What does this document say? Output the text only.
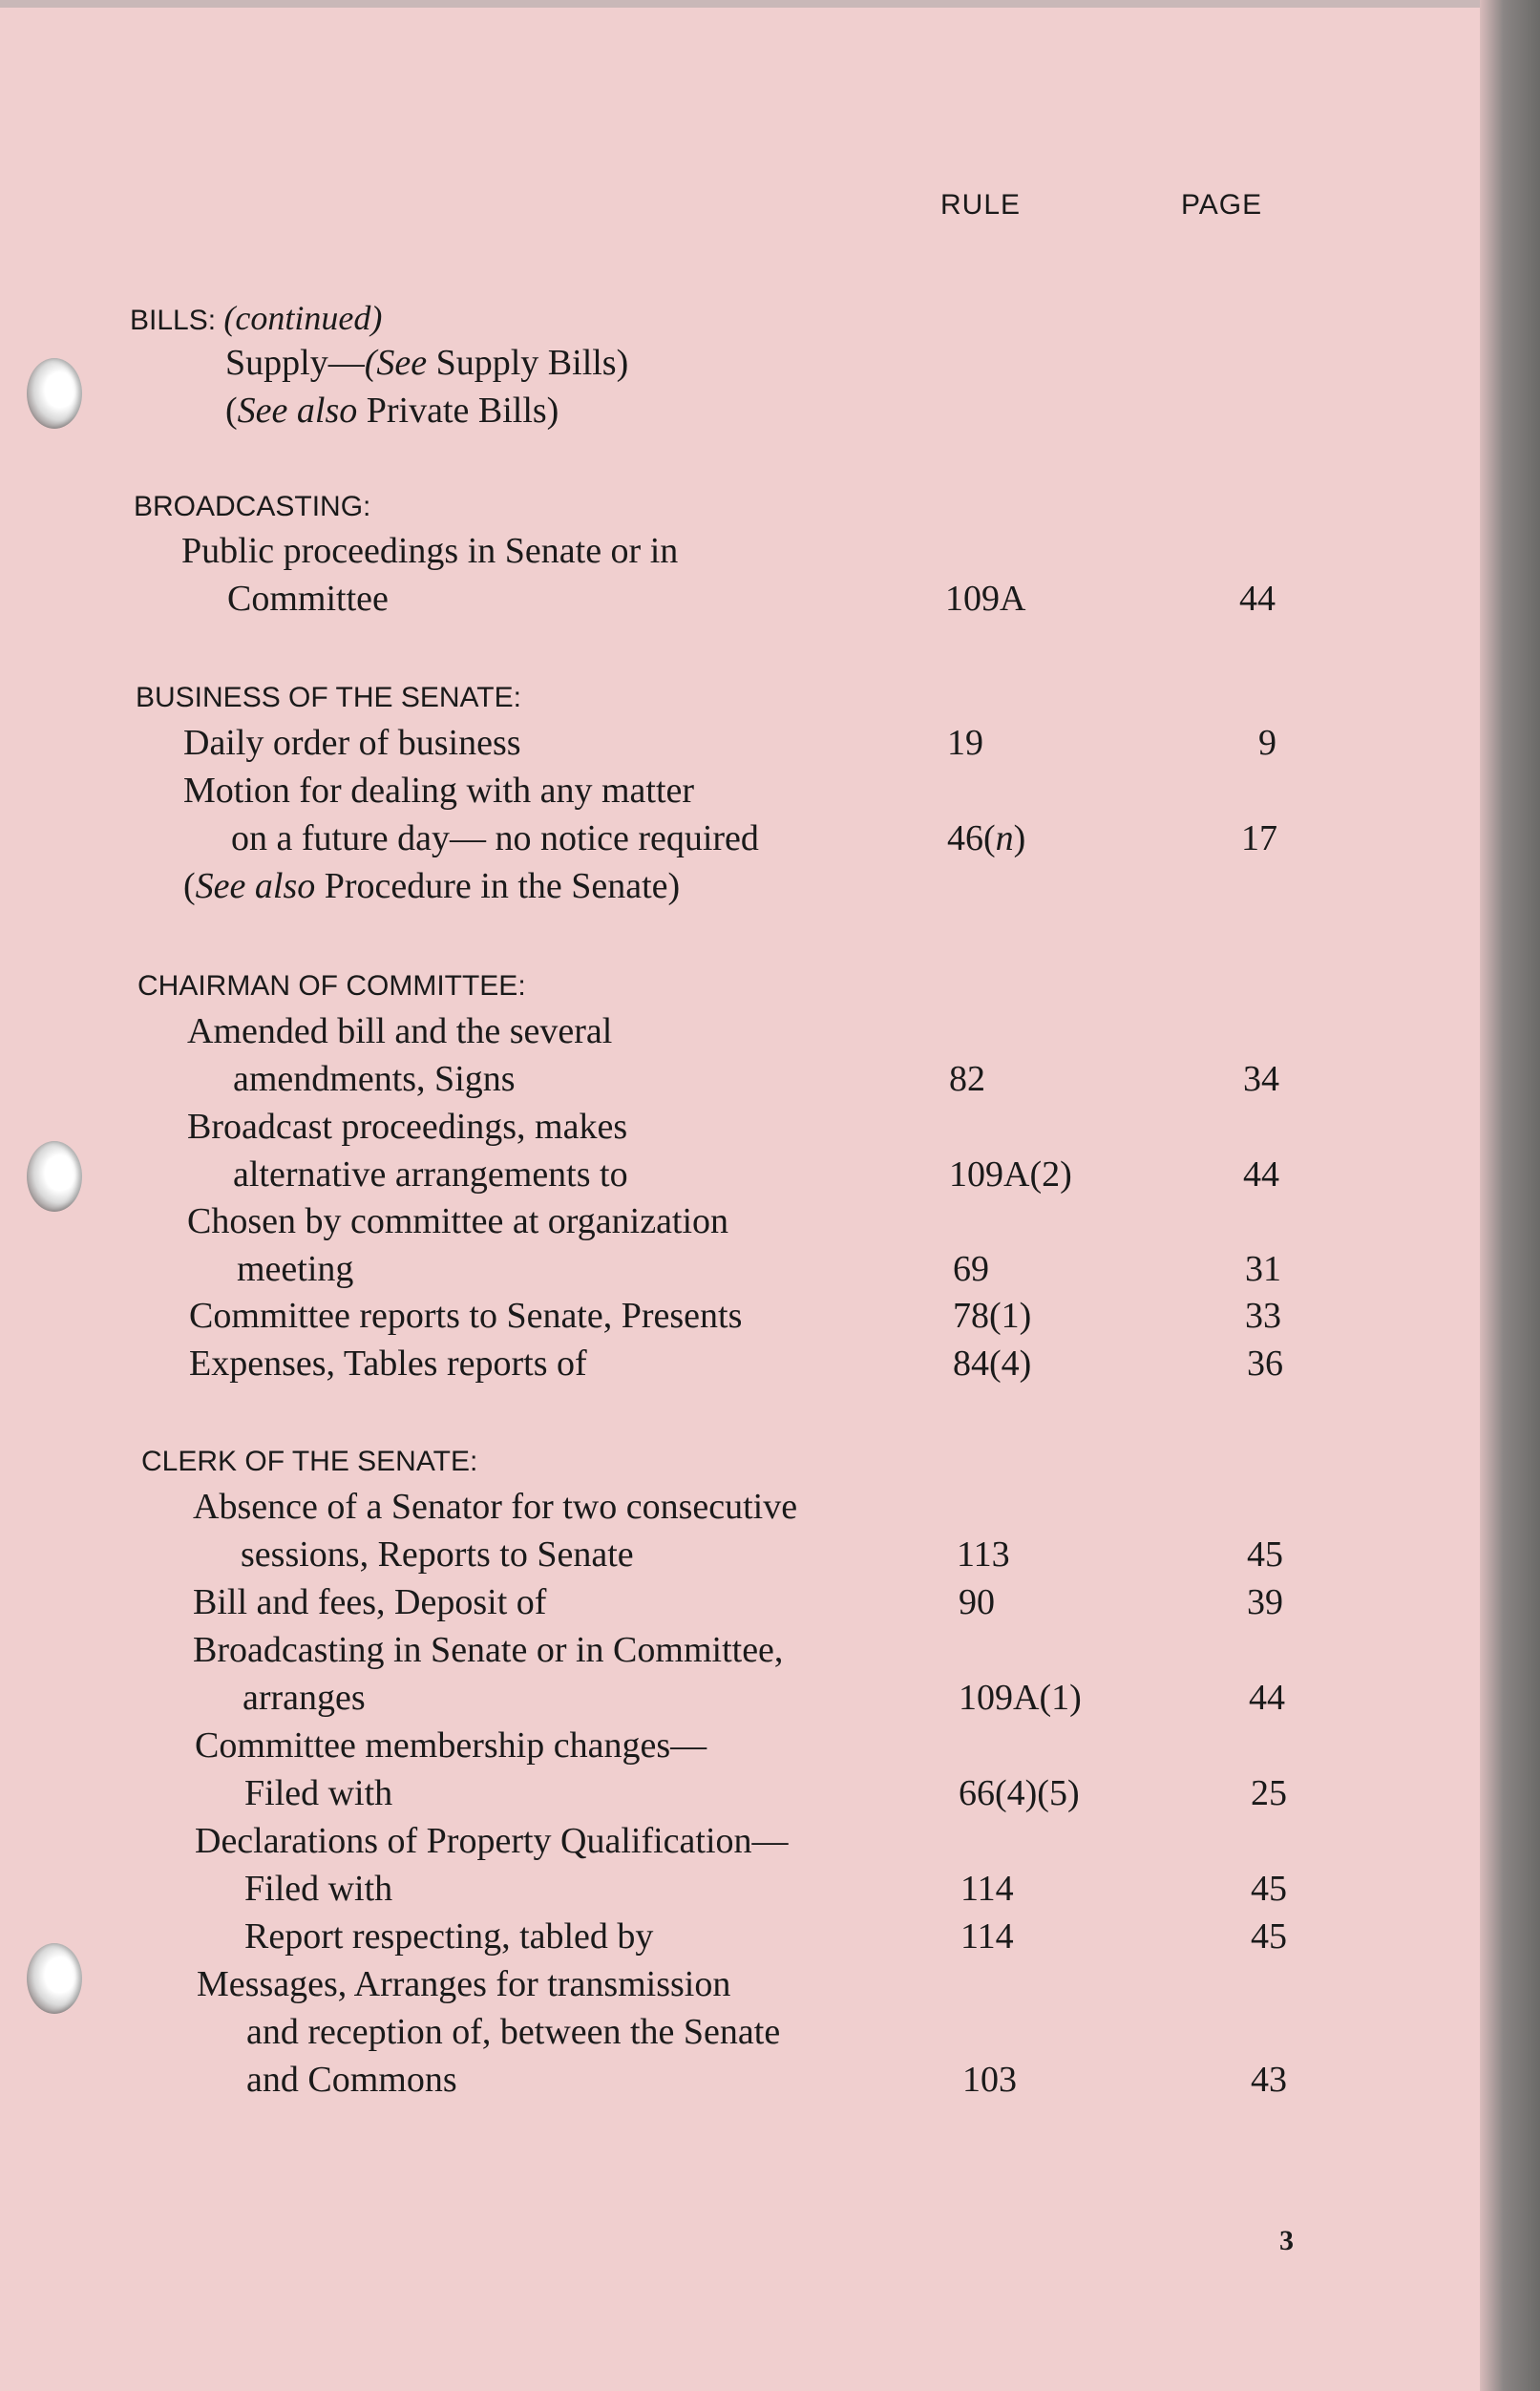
RULE	PAGE
BILLS: (continued)
Supply—(See Supply Bills)
(See also Private Bills)
BROADCASTING:
Public proceedings in Senate or in
Committee	109A	44
BUSINESS OF THE SENATE:
Daily order of business	19	9
Motion for dealing with any matter
on a future day— no notice required	46(n)	17
(See also Procedure in the Senate)
CHAIRMAN OF COMMITTEE:
Amended bill and the several
amendments, Signs	82	34
Broadcast proceedings, makes
alternative arrangements to	109A(2)	44
Chosen by committee at organization
meeting	69	31
Committee reports to Senate, Presents	78(1)	33
Expenses, Tables reports of	84(4)	36
CLERK OF THE SENATE:
Absence of a Senator for two consecutive
sessions, Reports to Senate	113	45
Bill and fees, Deposit of	90	39
Broadcasting in Senate or in Committee,
arranges	109A(1)	44
Committee membership changes—
Filed with	66(4)(5)	25
Declarations of Property Qualification—
Filed with	114	45
Report respecting, tabled by	114	45
Messages, Arranges for transmission
and reception of, between the Senate
and Commons	103	43
3
